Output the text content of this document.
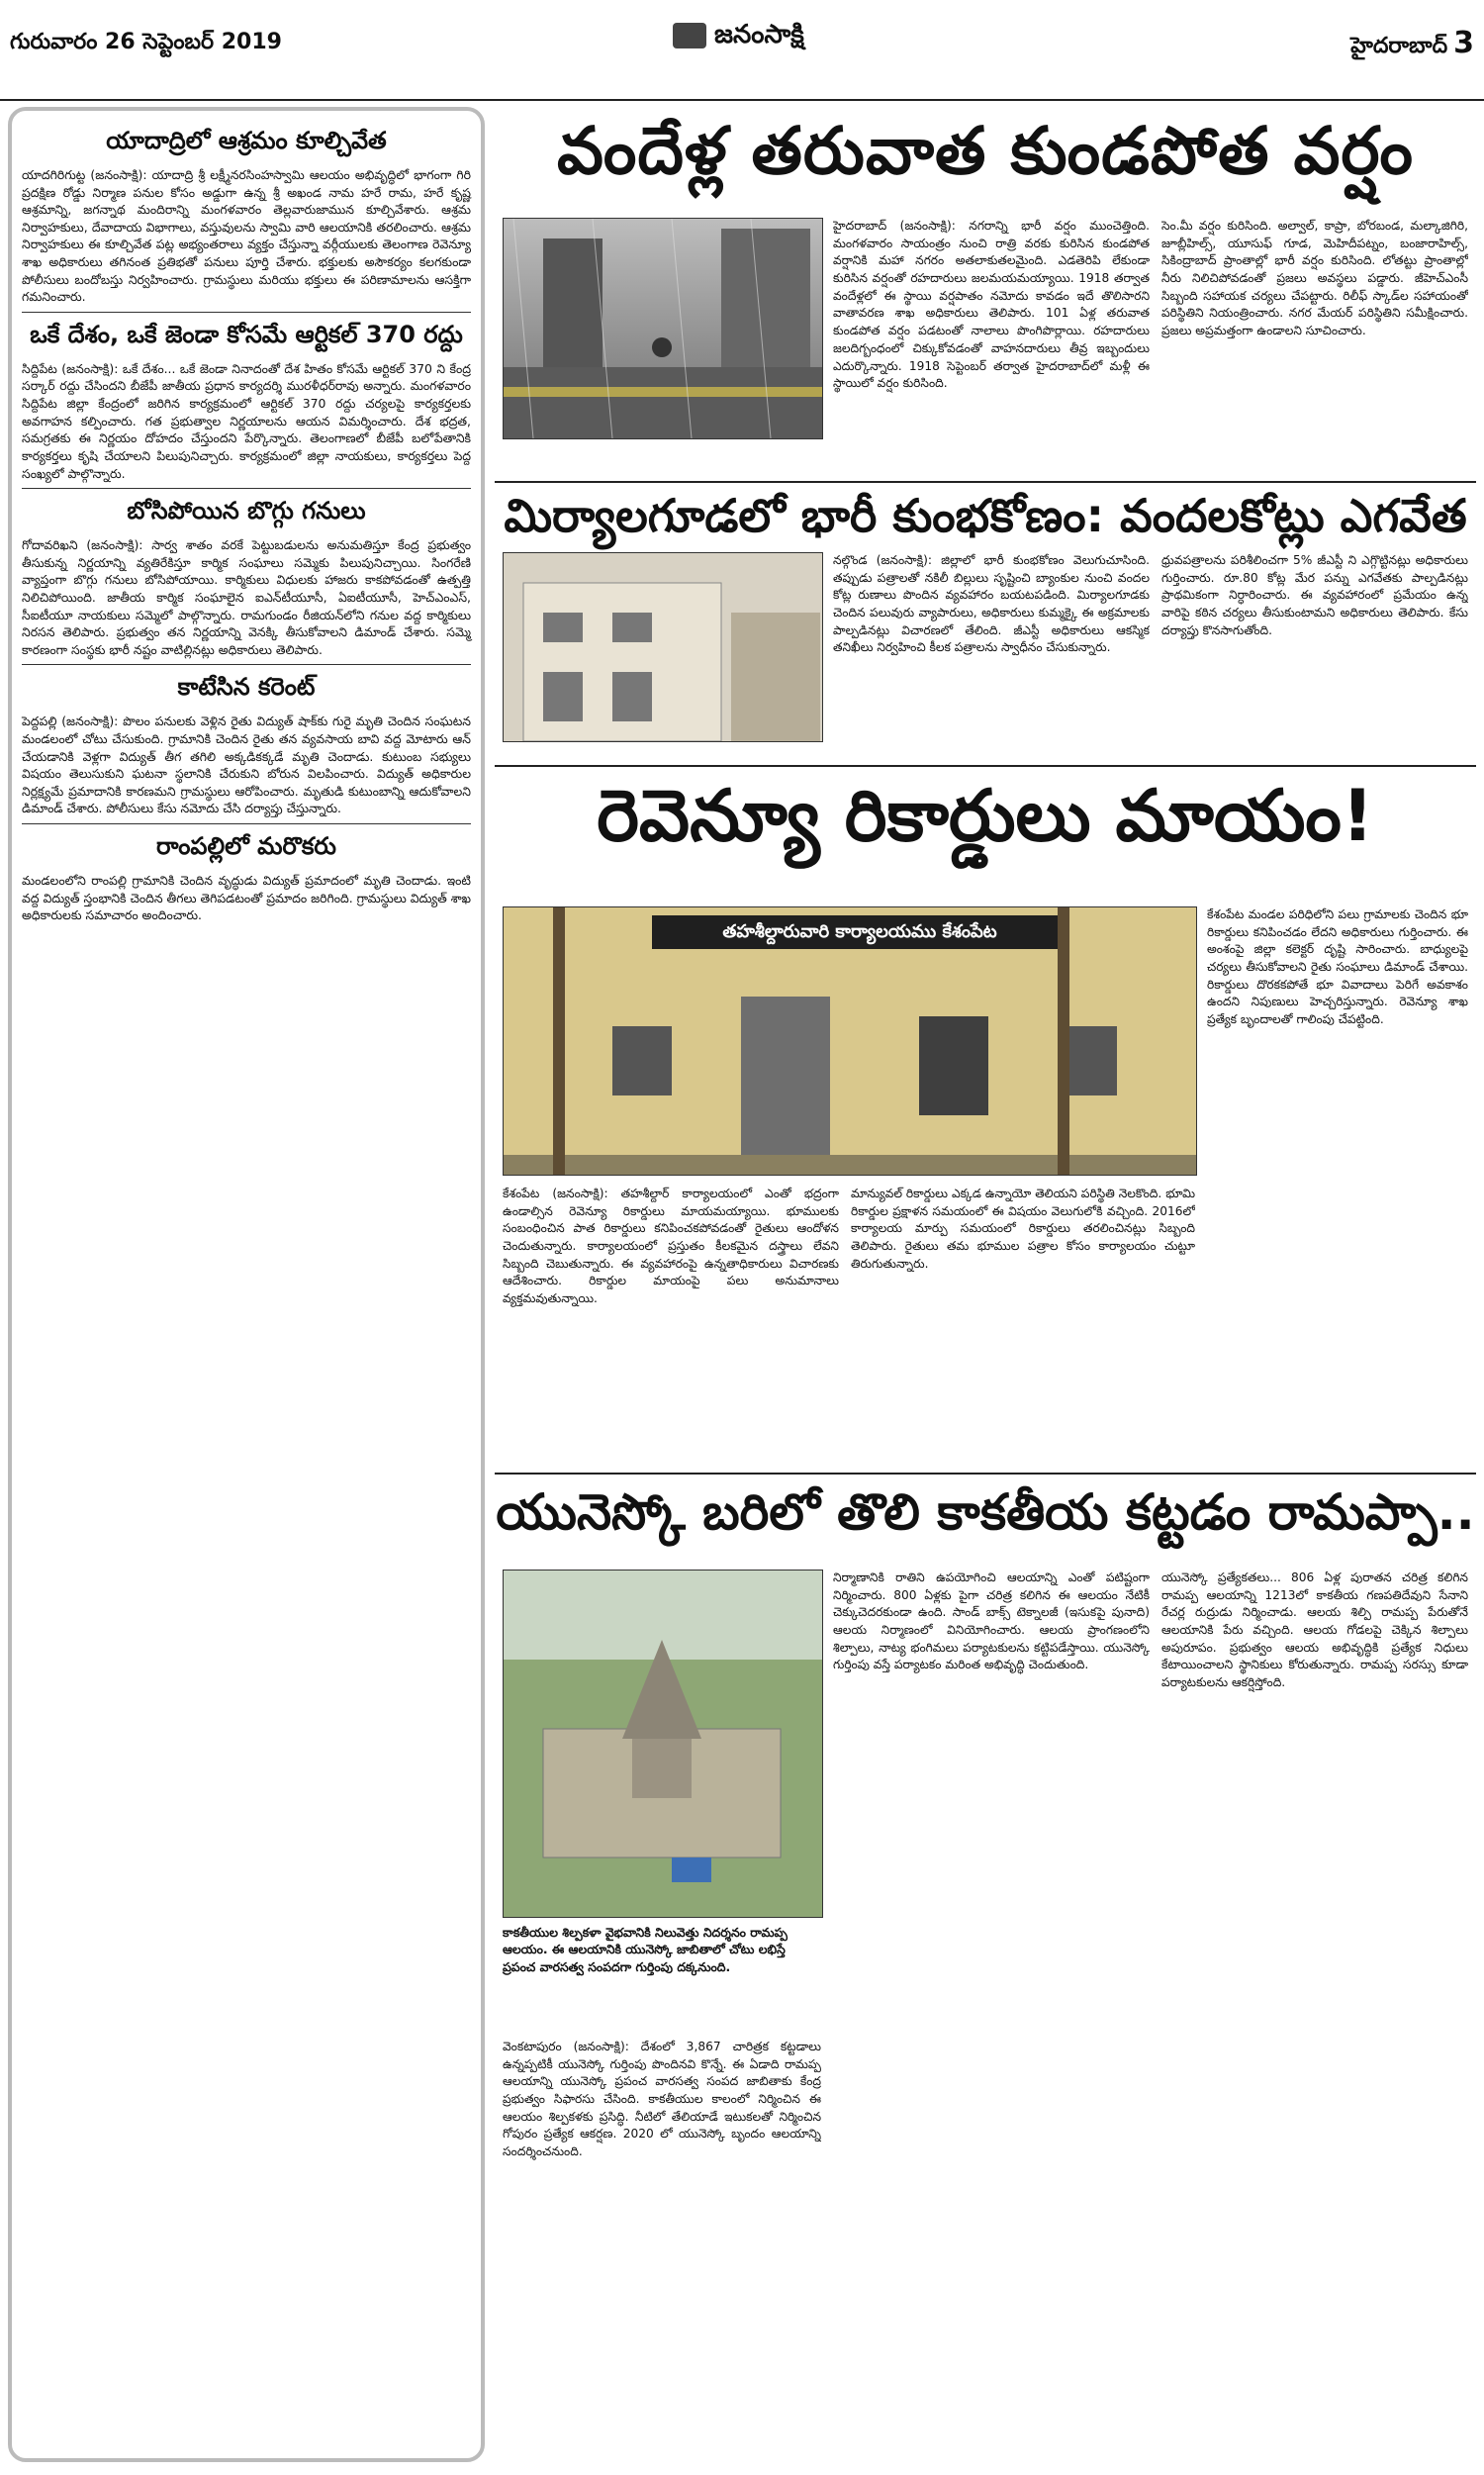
గురువారం 26 సెప్టెంబర్ 2019	జనంసాక్షి	హైదరాబాద్ 3
యాదాద్రిలో ఆశ్రమం కూల్చివేత

యాదగిరిగుట్ట (జనంసాక్షి): యాదాద్రి శ్రీ లక్ష్మీనరసింహస్వామి ఆలయం అభివృద్ధిలో భాగంగా గిరి ప్రదక్షిణ రోడ్డు నిర్మాణ పనుల కోసం అడ్డుగా ఉన్న శ్రీ అఖండ నామ హరే రామ, హరే కృష్ణ ఆశ్రమాన్ని, జగన్నాథ మందిరాన్ని మంగళవారం తెల్లవారుజామున కూల్చివేశారు. ఆశ్రమ నిర్వాహకులు, దేవాదాయ విభాగాలు, వస్తువులను స్వామి వారి ఆలయానికి తరలించారు. ఆశ్రమ నిర్వాహకులు ఈ కూల్చివేత పట్ల అభ్యంతరాలు వ్యక్తం చేస్తున్నా వర్గీయులకు తెలంగాణ రెవెన్యూ శాఖ అధికారులు తగినంత ప్రతిభతో పనులు పూర్తి చేశారు. భక్తులకు అసౌకర్యం కలగకుండా పోలీసులు బందోబస్తు నిర్వహించారు. గ్రామస్థులు మరియు భక్తులు ఈ పరిణామాలను ఆసక్తిగా గమనించారు.

ఒకే దేశం, ఒకే జెండా కోసమే ఆర్టికల్ 370 రద్దు

సిద్దిపేట (జనంసాక్షి): ఒకే దేశం... ఒకే జెండా నినాదంతో దేశ హితం కోసమే ఆర్టికల్ 370 ని కేంద్ర సర్కార్ రద్దు చేసిందని బీజేపీ జాతీయ ప్రధాన కార్యదర్శి మురళీధర్‌రావు అన్నారు. మంగళవారం సిద్దిపేట జిల్లా కేంద్రంలో జరిగిన కార్యక్రమంలో ఆర్టికల్ 370 రద్దు చర్యలపై కార్యకర్తలకు అవగాహన కల్పించారు. గత ప్రభుత్వాల నిర్ణయాలను ఆయన విమర్శించారు. దేశ భద్రత, సమగ్రతకు ఈ నిర్ణయం దోహదం చేస్తుందని పేర్కొన్నారు. తెలంగాణలో బీజేపీ బలోపేతానికి కార్యకర్తలు కృషి చేయాలని పిలుపునిచ్చారు. కార్యక్రమంలో జిల్లా నాయకులు, కార్యకర్తలు పెద్ద సంఖ్యలో పాల్గొన్నారు.

బోసిపోయిన బొగ్గు గనులు

గోదావరిఖని (జనంసాక్షి): సార్వ శాతం వరకే పెట్టుబడులను అనుమతిస్తూ కేంద్ర ప్రభుత్వం తీసుకున్న నిర్ణయాన్ని వ్యతిరేకిస్తూ కార్మిక సంఘాలు సమ్మెకు పిలుపునిచ్చాయి. సింగరేణి వ్యాప్తంగా బొగ్గు గనులు బోసిపోయాయి. కార్మికులు విధులకు హాజరు కాకపోవడంతో ఉత్పత్తి నిలిచిపోయింది. జాతీయ కార్మిక సంఘాలైన ఐఎన్‌టీయూసీ, ఏఐటీయూసీ, హెచ్‌ఎంఎస్, సీఐటీయూ నాయకులు సమ్మెలో పాల్గొన్నారు. రామగుండం రీజియన్‌లోని గనుల వద్ద కార్మికులు నిరసన తెలిపారు. ప్రభుత్వం తన నిర్ణయాన్ని వెనక్కి తీసుకోవాలని డిమాండ్ చేశారు. సమ్మె కారణంగా సంస్థకు భారీ నష్టం వాటిల్లినట్లు అధికారులు తెలిపారు.

కాటేసిన కరెంట్

పెద్దపల్లి (జనంసాక్షి): పొలం పనులకు వెళ్లిన రైతు విద్యుత్ షాక్‌కు గురై మృతి చెందిన సంఘటన మండలంలో చోటు చేసుకుంది. గ్రామానికి చెందిన రైతు తన వ్యవసాయ బావి వద్ద మోటారు ఆన్ చేయడానికి వెళ్లగా విద్యుత్ తీగ తగిలి అక్కడికక్కడే మృతి చెందాడు. కుటుంబ సభ్యులు విషయం తెలుసుకుని ఘటనా స్థలానికి చేరుకుని బోరున విలపించారు. విద్యుత్ అధికారుల నిర్లక్ష్యమే ప్రమాదానికి కారణమని గ్రామస్థులు ఆరోపించారు. మృతుడి కుటుంబాన్ని ఆదుకోవాలని డిమాండ్ చేశారు. పోలీసులు కేసు నమోదు చేసి దర్యాప్తు చేస్తున్నారు.

రాంపల్లిలో మరొకరు

మండలంలోని రాంపల్లి గ్రామానికి చెందిన వృద్ధుడు విద్యుత్ ప్రమాదంలో మృతి చెందాడు. ఇంటి వద్ద విద్యుత్ స్తంభానికి చెందిన తీగలు తెగిపడటంతో ప్రమాదం జరిగింది. గ్రామస్థులు విద్యుత్ శాఖ అధికారులకు సమాచారం అందించారు.

వందేళ్ల తరువాత కుండపోత వర్షం
హైదరాబాద్ (జనంసాక్షి): నగరాన్ని భారీ వర్షం ముంచెత్తింది. మంగళవారం సాయంత్రం నుంచి రాత్రి వరకు కురిసిన కుండపోత వర్షానికి మహా నగరం అతలాకుతలమైంది. ఎడతెరిపి లేకుండా కురిసిన వర్షంతో రహదారులు జలమయమయ్యాయి. 1918 తర్వాత వందేళ్లలో ఈ స్థాయి వర్షపాతం నమోదు కావడం ఇదే తొలిసారని వాతావరణ శాఖ అధికారులు తెలిపారు. 101 ఏళ్ల తరువాత కుండపోత వర్షం పడటంతో నాలాలు పొంగిపొర్లాయి. రహదారులు జలదిగ్బంధంలో చిక్కుకోవడంతో వాహనదారులు తీవ్ర ఇబ్బందులు ఎదుర్కొన్నారు. 1918 సెప్టెంబర్ తర్వాత హైదరాబాద్‌లో మళ్లీ ఈ స్థాయిలో వర్షం కురిసింది.
సెం.మీ వర్షం కురిసింది. అల్వాల్, కాప్రా, బోరబండ, మల్కాజిగిరి, జూబ్లీహిల్స్, యూసుఫ్ గూడ, మెహిదీపట్నం, బంజారాహిల్స్, సికింద్రాబాద్ ప్రాంతాల్లో భారీ వర్షం కురిసింది. లోతట్టు ప్రాంతాల్లో నీరు నిలిచిపోవడంతో ప్రజలు అవస్థలు పడ్డారు. జీహెచ్ఎంసీ సిబ్బంది సహాయక చర్యలు చేపట్టారు. రిలీఫ్ స్కాడ్‌ల సహాయంతో పరిస్థితిని నియంత్రించారు. నగర మేయర్ పరిస్థితిని సమీక్షించారు. ప్రజలు అప్రమత్తంగా ఉండాలని సూచించారు.
మిర్యాలగూడలో భారీ కుంభకోణం: వందలకోట్లు ఎగవేత
నల్గొండ (జనంసాక్షి): జిల్లాలో భారీ కుంభకోణం వెలుగుచూసింది. తప్పుడు పత్రాలతో నకిలీ బిల్లులు సృష్టించి బ్యాంకుల నుంచి వందల కోట్ల రుణాలు పొందిన వ్యవహారం బయటపడింది. మిర్యాలగూడకు చెందిన పలువురు వ్యాపారులు, అధికారులు కుమ్మక్కై ఈ అక్రమాలకు పాల్పడినట్లు విచారణలో తేలింది. జీఎస్టీ అధికారులు ఆకస్మిక తనిఖీలు నిర్వహించి కీలక పత్రాలను స్వాధీనం చేసుకున్నారు.
ధ్రువపత్రాలను పరిశీలించగా 5% జీఎస్టీ ని ఎగ్గొట్టినట్లు అధికారులు గుర్తించారు. రూ.80 కోట్ల మేర పన్ను ఎగవేతకు పాల్పడినట్లు ప్రాథమికంగా నిర్ధారించారు. ఈ వ్యవహారంలో ప్రమేయం ఉన్న వారిపై కఠిన చర్యలు తీసుకుంటామని అధికారులు తెలిపారు. కేసు దర్యాప్తు కొనసాగుతోంది.
రెవెన్యూ రికార్డులు మాయం!
తహశీల్దారువారి కార్యాలయము కేశంపేట
కేశంపేట మండల పరిధిలోని పలు గ్రామాలకు చెందిన భూ రికార్డులు కనిపించడం లేదని అధికారులు గుర్తించారు. ఈ అంశంపై జిల్లా కలెక్టర్ దృష్టి సారించారు. బాధ్యులపై చర్యలు తీసుకోవాలని రైతు సంఘాలు డిమాండ్ చేశాయి. రికార్డులు దొరకకపోతే భూ వివాదాలు పెరిగే అవకాశం ఉందని నిపుణులు హెచ్చరిస్తున్నారు. రెవెన్యూ శాఖ ప్రత్యేక బృందాలతో గాలింపు చేపట్టింది.
కేశంపేట (జనంసాక్షి): తహశీల్దార్ కార్యాలయంలో ఎంతో భద్రంగా ఉండాల్సిన రెవెన్యూ రికార్డులు మాయమయ్యాయి. భూములకు సంబంధించిన పాత రికార్డులు కనిపించకపోవడంతో రైతులు ఆందోళన చెందుతున్నారు. కార్యాలయంలో ప్రస్తుతం కీలకమైన దస్త్రాలు లేవని సిబ్బంది చెబుతున్నారు. ఈ వ్యవహారంపై ఉన్నతాధికారులు విచారణకు ఆదేశించారు. రికార్డుల మాయంపై పలు అనుమానాలు వ్యక్తమవుతున్నాయి.
మాన్యువల్ రికార్డులు ఎక్కడ ఉన్నాయో తెలియని పరిస్థితి నెలకొంది. భూమి రికార్డుల ప్రక్షాళన సమయంలో ఈ విషయం వెలుగులోకి వచ్చింది. 2016లో కార్యాలయ మార్పు సమయంలో రికార్డులు తరలించినట్లు సిబ్బంది తెలిపారు. రైతులు తమ భూముల పత్రాల కోసం కార్యాలయం చుట్టూ తిరుగుతున్నారు.
యునెస్కో బరిలో తొలి కాకతీయ కట్టడం రామప్పా..
కాకతీయుల శిల్పకళా వైభవానికి నిలువెత్తు నిదర్శనం రామప్ప ఆలయం. ఈ ఆలయానికి యునెస్కో జాబితాలో చోటు లభిస్తే ప్రపంచ వారసత్వ సంపదగా గుర్తింపు దక్కనుంది.
వెంకటాపురం (జనంసాక్షి): దేశంలో 3,867 చారిత్రక కట్టడాలు ఉన్నప్పటికీ యునెస్కో గుర్తింపు పొందినవి కొన్నే. ఈ ఏడాది రామప్ప ఆలయాన్ని యునెస్కో ప్రపంచ వారసత్వ సంపద జాబితాకు కేంద్ర ప్రభుత్వం సిఫారసు చేసింది. కాకతీయుల కాలంలో నిర్మించిన ఈ ఆలయం శిల్పకళకు ప్రసిద్ధి. నీటిలో తేలియాడే ఇటుకలతో నిర్మించిన గోపురం ప్రత్యేక ఆకర్షణ. 2020 లో యునెస్కో బృందం ఆలయాన్ని సందర్శించనుంది.
నిర్మాణానికి రాతిని ఉపయోగించి ఆలయాన్ని ఎంతో పటిష్టంగా నిర్మించారు. 800 ఏళ్లకు పైగా చరిత్ర కలిగిన ఈ ఆలయం నేటికీ చెక్కుచెదరకుండా ఉంది. సాండ్ బాక్స్ టెక్నాలజీ (ఇసుకపై పునాది) ఆలయ నిర్మాణంలో వినియోగించారు. ఆలయ ప్రాంగణంలోని శిల్పాలు, నాట్య భంగిమలు పర్యాటకులను కట్టిపడేస్తాయి. యునెస్కో గుర్తింపు వస్తే పర్యాటకం మరింత అభివృద్ధి చెందుతుంది.
యునెస్కో ప్రత్యేకతలు... 806 ఏళ్ల పురాతన చరిత్ర కలిగిన రామప్ప ఆలయాన్ని 1213లో కాకతీయ గణపతిదేవుని సేనాని రేచర్ల రుద్రుడు నిర్మించాడు. ఆలయ శిల్పి రామప్ప పేరుతోనే ఆలయానికి పేరు వచ్చింది. ఆలయ గోడలపై చెక్కిన శిల్పాలు అపురూపం. ప్రభుత్వం ఆలయ అభివృద్ధికి ప్రత్యేక నిధులు కేటాయించాలని స్థానికులు కోరుతున్నారు. రామప్ప సరస్సు కూడా పర్యాటకులను ఆకర్షిస్తోంది.
